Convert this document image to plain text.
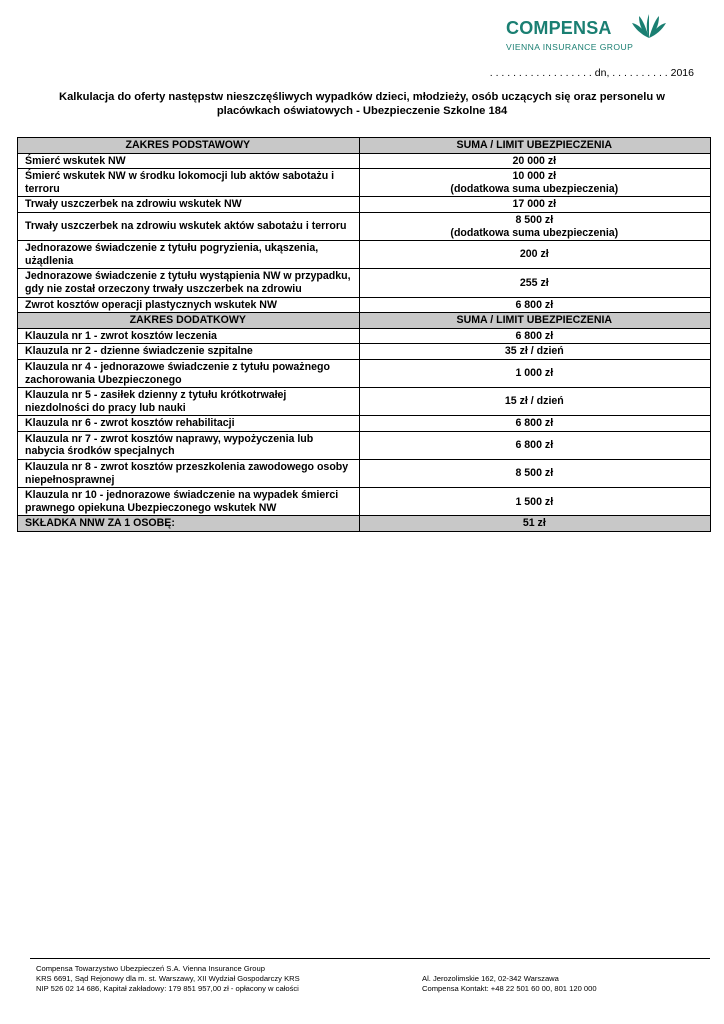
COMPENSA
VIENNA INSURANCE GROUP
. . . . . . . . . . . . . . . . . . dn, . . . . . . . . . . 2016
Kalkulacja do oferty następstw nieszczęśliwych wypadków dzieci, młodzieży, osób uczących się oraz personelu w
placówkach oświatowych - Ubezpieczenie Szkolne 184
ZAKRES PODSTAWOWY	SUMA / LIMIT UBEZPIECZENIA
Śmierć wskutek NW	20 000 zł

Śmierć wskutek NW w środku lokomocji lub aktów sabotażu i terroru	10 000 zł
(dodatkowa suma ubezpieczenia)

Trwały uszczerbek na zdrowiu wskutek NW	17 000 zł

Trwały uszczerbek na zdrowiu wskutek aktów sabotażu i terroru	8 500 zł
(dodatkowa suma ubezpieczenia)

Jednorazowe świadczenie z tytułu pogryzienia, ukąszenia, użądlenia	200 zł

Jednorazowe świadczenie z tytułu wystąpienia NW w przypadku, gdy nie został orzeczony trwały uszczerbek na zdrowiu	255 zł

Zwrot kosztów operacji plastycznych wskutek NW	6 800 zł

ZAKRES DODATKOWY	SUMA / LIMIT UBEZPIECZENIA
Klauzula nr 1 - zwrot kosztów leczenia	6 800 zł
Klauzula nr 2 - dzienne świadczenie szpitalne	35 zł / dzień
Klauzula nr 4 - jednorazowe świadczenie z tytułu poważnego zachorowania Ubezpieczonego	1 000 zł
Klauzula nr 5 - zasiłek dzienny z tytułu krótkotrwałej niezdolności do pracy lub nauki	15 zł / dzień
Klauzula nr 6 - zwrot kosztów rehabilitacji	6 800 zł
Klauzula nr 7 - zwrot kosztów naprawy, wypożyczenia lub nabycia środków specjalnych	6 800 zł
Klauzula nr 8 - zwrot kosztów przeszkolenia zawodowego osoby niepełnosprawnej	8 500 zł
Klauzula nr 10 - jednorazowe świadczenie na wypadek śmierci prawnego opiekuna Ubezpieczonego wskutek NW	1 500 zł
SKŁADKA NNW ZA 1 OSOBĘ:	51 zł
Compensa Towarzystwo Ubezpieczeń S.A. Vienna Insurance Group
KRS 6691, Sąd Rejonowy dla m. st. Warszawy, XII Wydział Gospodarczy KRS
NIP 526 02 14 686, Kapitał zakładowy: 179 851 957,00 zł - opłacony w całości
Al. Jerozolimskie 162, 02-342 Warszawa
Compensa Kontakt: +48 22 501 60 00, 801 120 000
